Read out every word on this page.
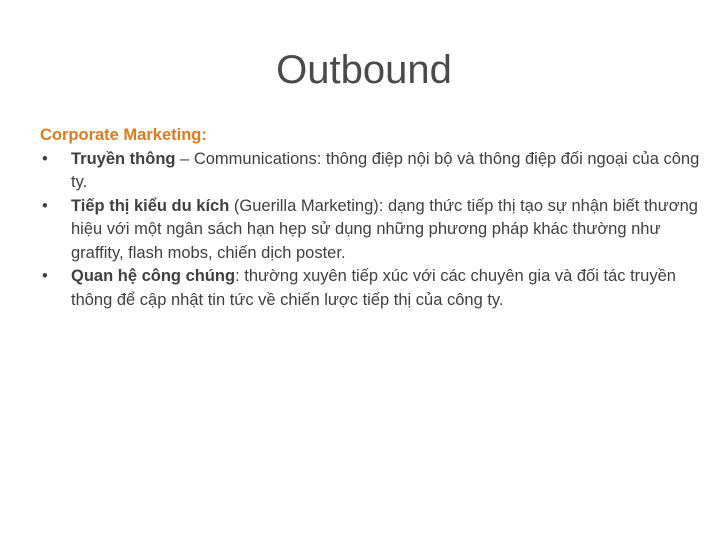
Outbound

Corporate Marketing:

• Truyền thông – Communications: thông điệp nội bộ và thông điệp đối ngoại của công ty.
• Tiếp thị kiểu du kích (Guerilla Marketing): dạng thức tiếp thị tạo sự nhận biết thương hiệu với một ngân sách hạn hẹp sử dụng những phương pháp khác thường như graffity, flash mobs, chiến dịch poster.
• Quan hệ công chúng: thường xuyên tiếp xúc với các chuyên gia và đối tác truyền thông để cập nhật tin tức về chiến lược tiếp thị của công ty.
